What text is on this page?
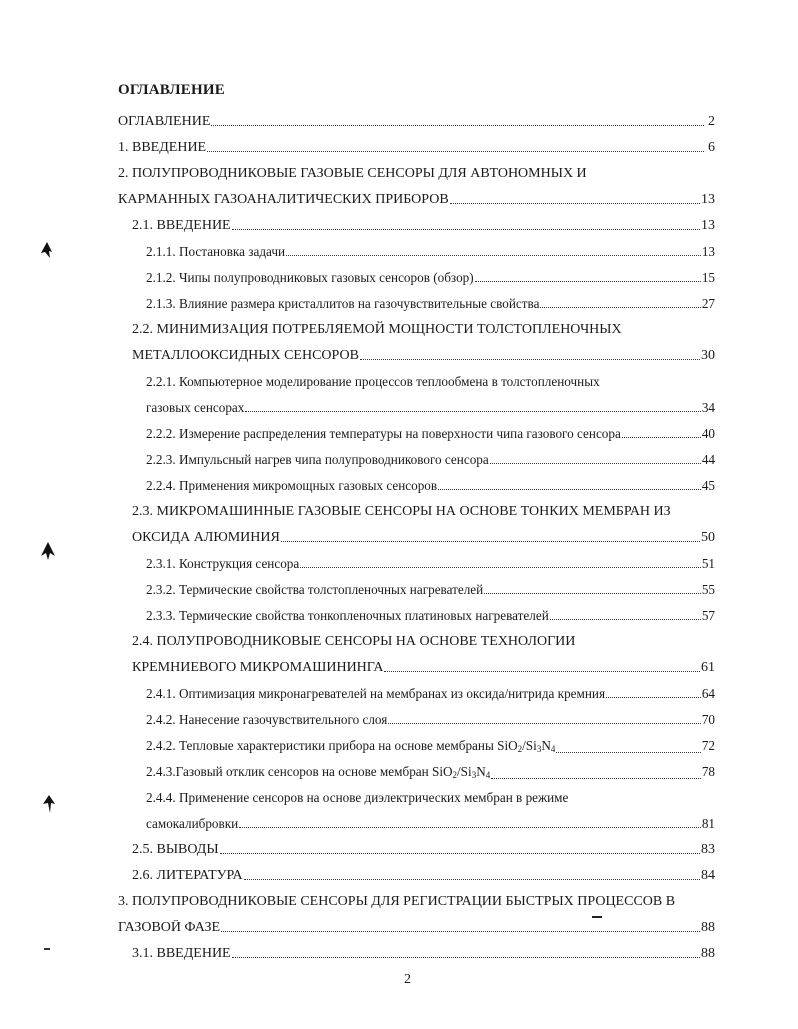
ОГЛАВЛЕНИЕ
ОГЛАВЛЕНИЕ	2
1. ВВЕДЕНИЕ	6
2. ПОЛУПРОВОДНИКОВЫЕ ГАЗОВЫЕ СЕНСОРЫ ДЛЯ АВТОНОМНЫХ И
КАРМАННЫХ ГАЗОАНАЛИТИЧЕСКИХ ПРИБОРОВ	13
2.1. ВВЕДЕНИЕ	13
2.1.1. Постановка задачи	13
2.1.2. Чипы полупроводниковых газовых сенсоров (обзор)	15
2.1.3. Влияние размера кристаллитов на газочувствительные свойства	27
2.2. МИНИМИЗАЦИЯ ПОТРЕБЛЯЕМОЙ МОЩНОСТИ ТОЛСТОПЛЕНОЧНЫХ
МЕТАЛЛООКСИДНЫХ СЕНСОРОВ	30
2.2.1. Компьютерное моделирование процессов теплообмена в толстопленочных
газовых сенсорах	34
2.2.2. Измерение распределения температуры на поверхности чипа газового сенсора	40
2.2.3. Импульсный нагрев чипа полупроводникового сенсора	44
2.2.4. Применения микромощных газовых сенсоров	45
2.3. МИКРОМАШИННЫЕ ГАЗОВЫЕ СЕНСОРЫ НА ОСНОВЕ ТОНКИХ МЕМБРАН ИЗ
ОКСИДА АЛЮМИНИЯ	50
2.3.1. Конструкция сенсора	51
2.3.2. Термические свойства толстопленочных нагревателей	55
2.3.3. Термические свойства тонкопленочных платиновых нагревателей	57
2.4. ПОЛУПРОВОДНИКОВЫЕ СЕНСОРЫ НА ОСНОВЕ ТЕХНОЛОГИИ
КРЕМНИЕВОГО МИКРОМАШИНИНГА	61
2.4.1. Оптимизация микронагревателей на мембранах из оксида/нитрида кремния	64
2.4.2. Нанесение газочувствительного слоя	70
2.4.2. Тепловые характеристики прибора на основе мембраны $SiO_2/Si_3N_4$	72
2.4.3.Газовый отклик сенсоров на основе мембран $SiO_2/Si_3N_4$	78
2.4.4. Применение сенсоров на основе диэлектрических мембран в режиме
самокалибровки	81
2.5. ВЫВОДЫ	83
2.6. ЛИТЕРАТУРА	84
3. ПОЛУПРОВОДНИКОВЫЕ СЕНСОРЫ ДЛЯ РЕГИСТРАЦИИ БЫСТРЫХ ПРОЦЕССОВ В
ГАЗОВОЙ ФАЗЕ	88
3.1. ВВЕДЕНИЕ	88
2
